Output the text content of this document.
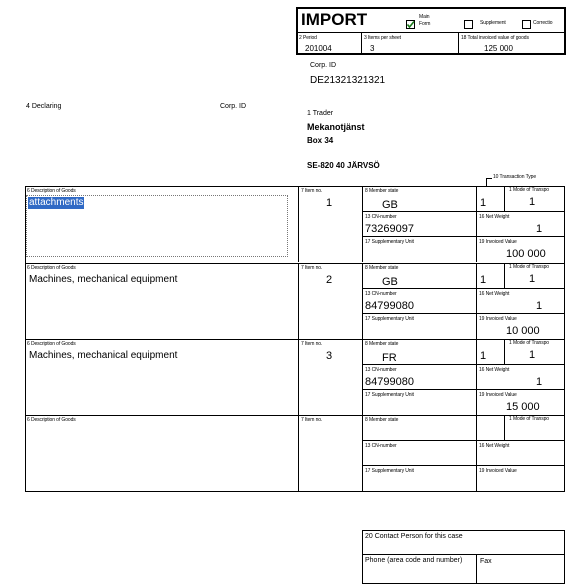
IMPORT	Main Form	Supplement	Correctio
2 Period
201004
3 Items per sheet
3
18 Total invoiced value of goods
125 000
Corp. ID
DE21321321321
4 Declaring	Corp. ID
1 Trader
Mekanotjänst
Box 34
SE-820 40 JÄRVSÖ
10 Transaction Type
6 Description of Goods
attachments
7 Item no.
1
8 Member state
GB	1
1 Mode of Transpo
1
13 CN-number
73269097
16 Net Weight
1
17 Supplementary Unit	19 Invoiced Value
100 000
6 Description of Goods
Machines, mechanical equipment
7 Item no.
2
8 Member state
GB	1
1 Mode of Transpo
1
13 CN-number
84799080
16 Net Weight
1
17 Supplementary Unit	19 Invoiced Value
10 000
6 Description of Goods
Machines, mechanical equipment
7 Item no.
3
8 Member state
FR	1
1 Mode of Transpo
1
13 CN-number
84799080
16 Net Weight
1
17 Supplementary Unit	19 Invoiced Value
15 000
6 Description of Goods	7 Item no.	8 Member state	1 Mode of Transpo
13 CN-number	16 Net Weight
17 Supplementary Unit	19 Invoiced Value
20 Contact Person for this case
Phone (area code and number)	Fax
